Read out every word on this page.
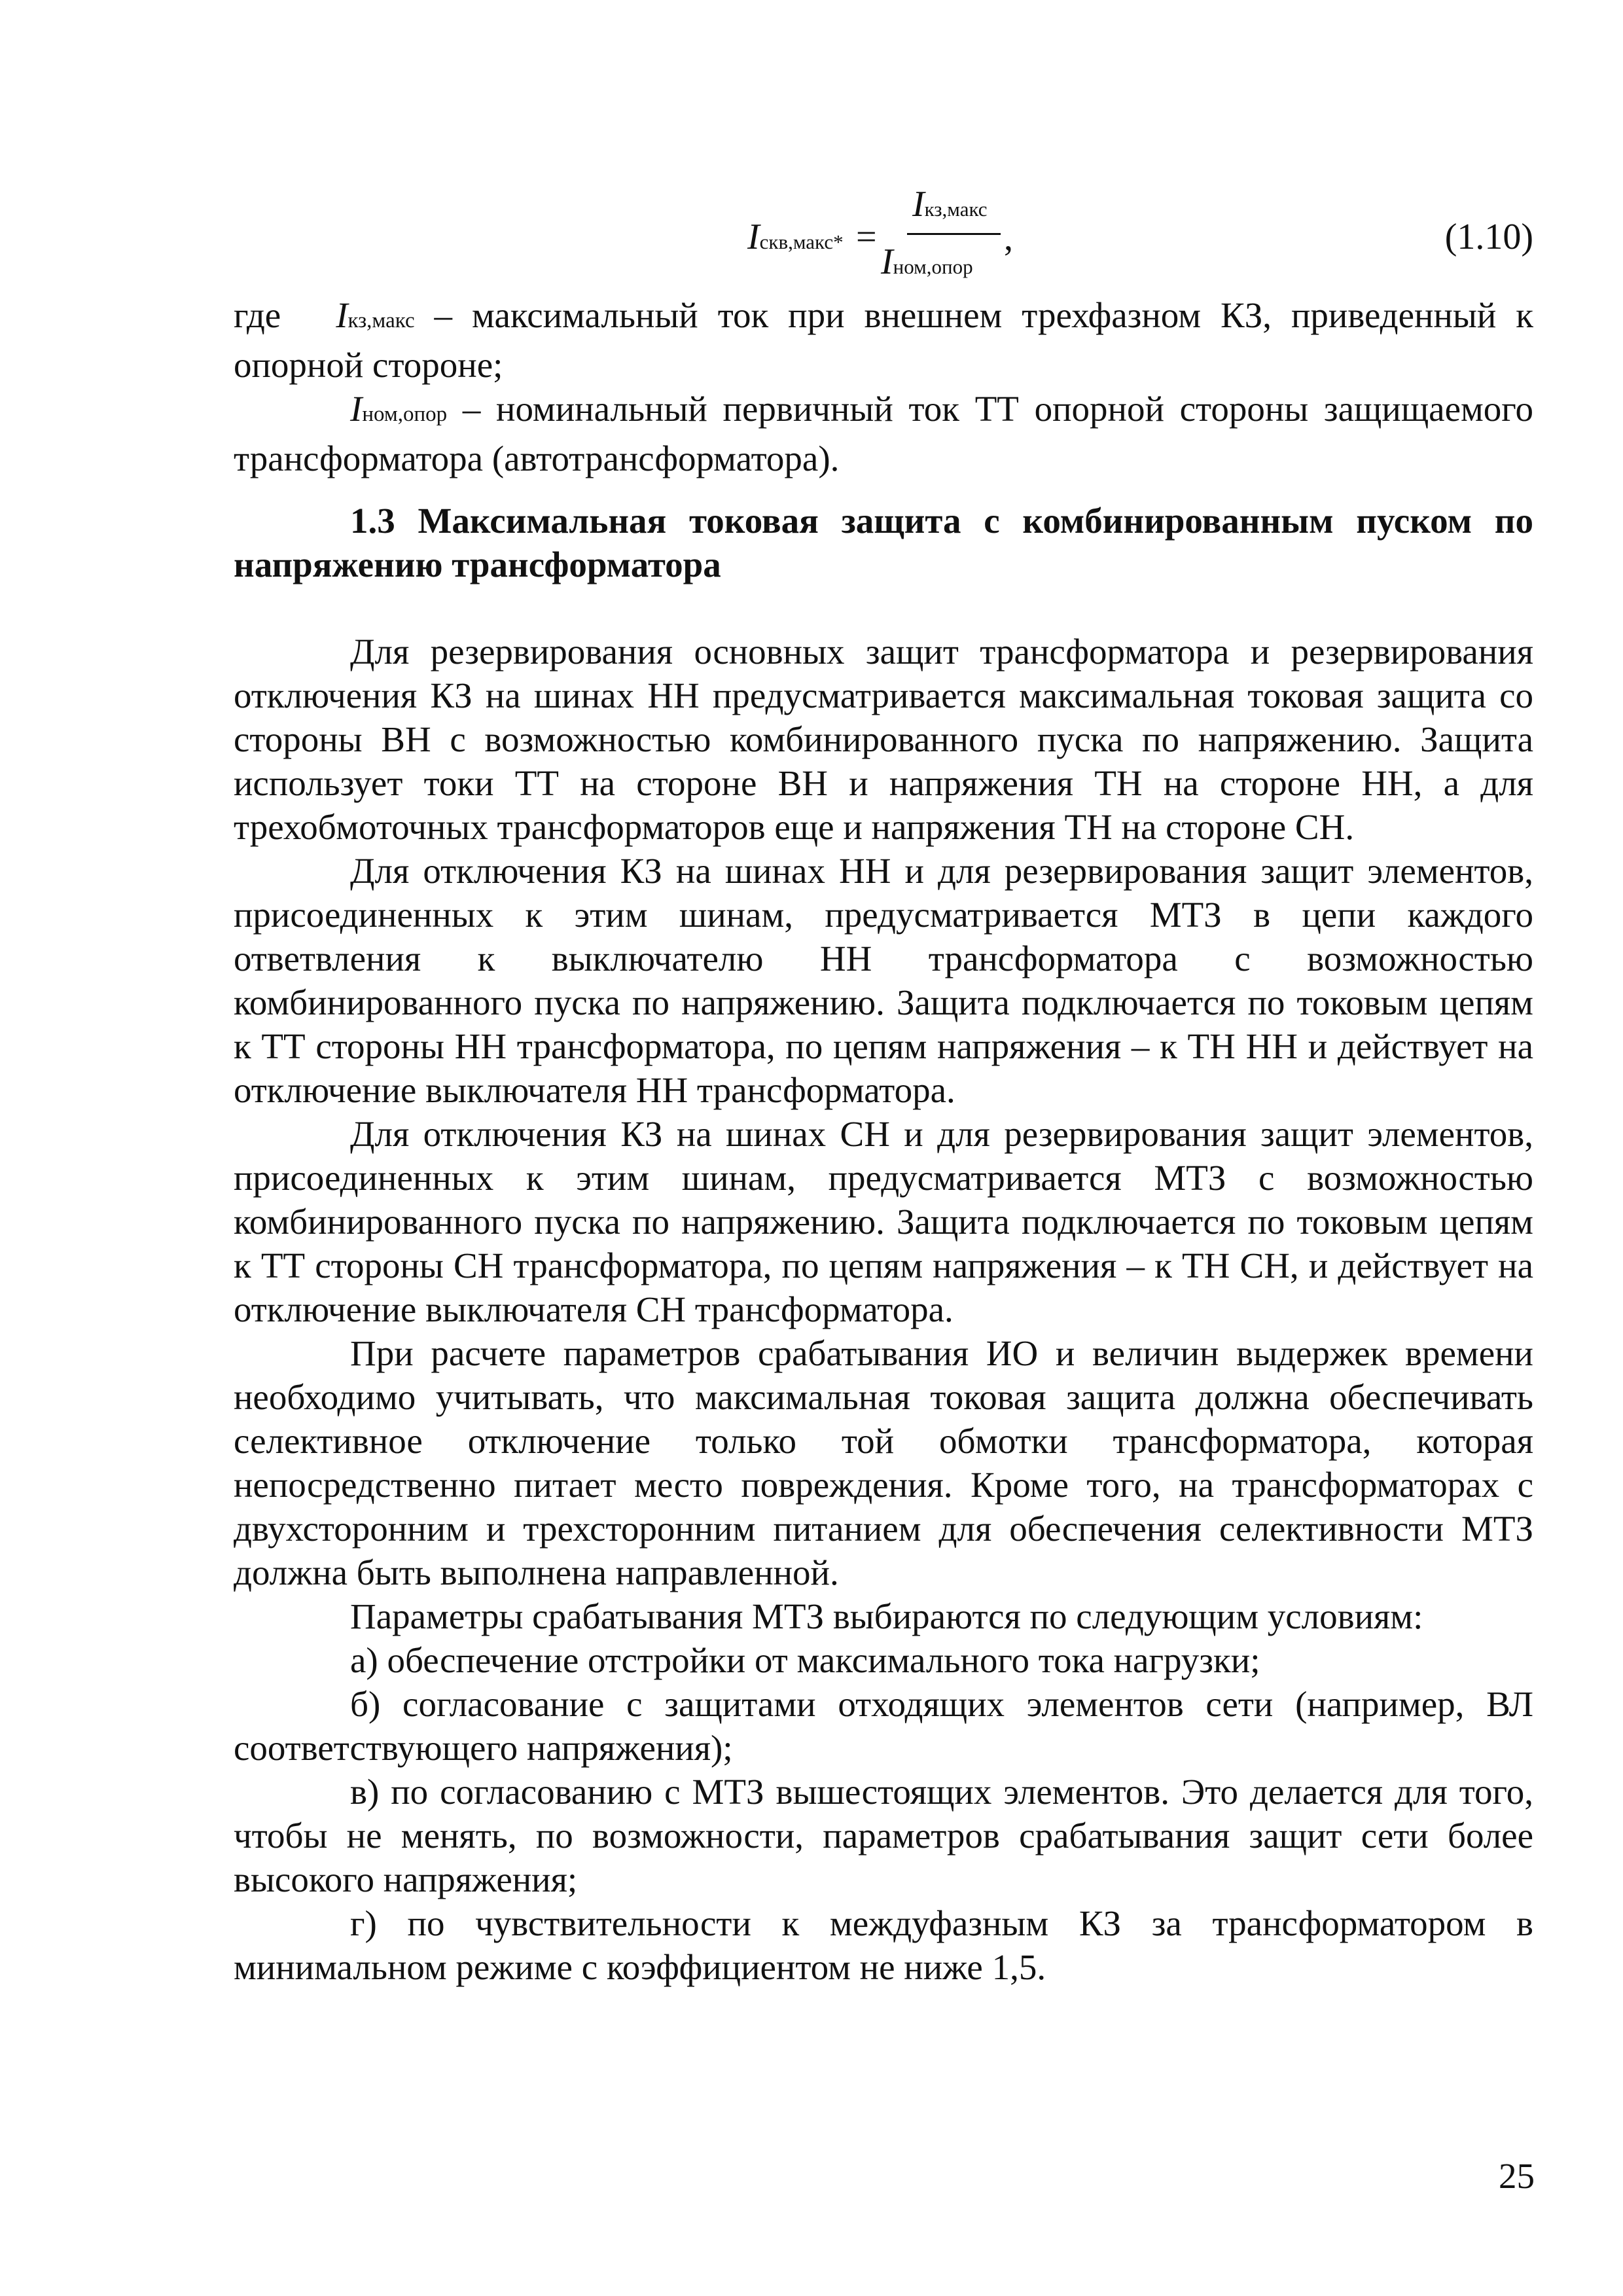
Iскв,макс* =
Iкз,макс
Iном,опор
,	(1.10)

где Iкз,макс – максимальный ток при внешнем трехфазном КЗ, приведенный к опорной стороне;

Iном,опор – номинальный первичный ток ТТ опорной стороны защищаемого трансформатора (автотрансформатора).

1.3 Максимальная токовая защита с комбинированным пуском по напряжению трансформатора

Для резервирования основных защит трансформатора и резервирования отключения КЗ на шинах НН предусматривается максимальная токовая защита со стороны ВН с возможностью комбинированного пуска по напряжению. Защита использует токи ТТ на стороне ВН и напряжения ТН на стороне НН, а для трехобмоточных трансформаторов еще и напряжения ТН на стороне СН.

Для отключения КЗ на шинах НН и для резервирования защит элементов, присоединенных к этим шинам, предусматривается МТЗ в цепи каждого ответвления к выключателю НН трансформатора с возможностью комбинированного пуска по напряжению. Защита подключается по токовым цепям к ТТ стороны НН трансформатора, по цепям напряжения – к ТН НН и действует на отключение выключателя НН трансформатора.

Для отключения КЗ на шинах СН и для резервирования защит элементов, присоединенных к этим шинам, предусматривается МТЗ с возможностью комбинированного пуска по напряжению. Защита подключается по токовым цепям к ТТ стороны СН трансформатора, по цепям напряжения – к ТН СН, и действует на отключение выключателя СН трансформатора.

При расчете параметров срабатывания ИО и величин выдержек времени необходимо учитывать, что максимальная токовая защита должна обеспечивать селективное отключение только той обмотки трансформатора, которая непосредственно питает место повреждения. Кроме того, на трансформаторах с двухсторонним и трехсторонним питанием для обеспечения селективности МТЗ должна быть выполнена направленной.

Параметры срабатывания МТЗ выбираются по следующим условиям:

а) обеспечение отстройки от максимального тока нагрузки;

б) согласование с защитами отходящих элементов сети (например, ВЛ соответствующего напряжения);

в) по согласованию с МТЗ вышестоящих элементов. Это делается для того, чтобы не менять, по возможности, параметров срабатывания защит сети более высокого напряжения;

г) по чувствительности к междуфазным КЗ за трансформатором в минимальном режиме с коэффициентом не ниже 1,5.

25
